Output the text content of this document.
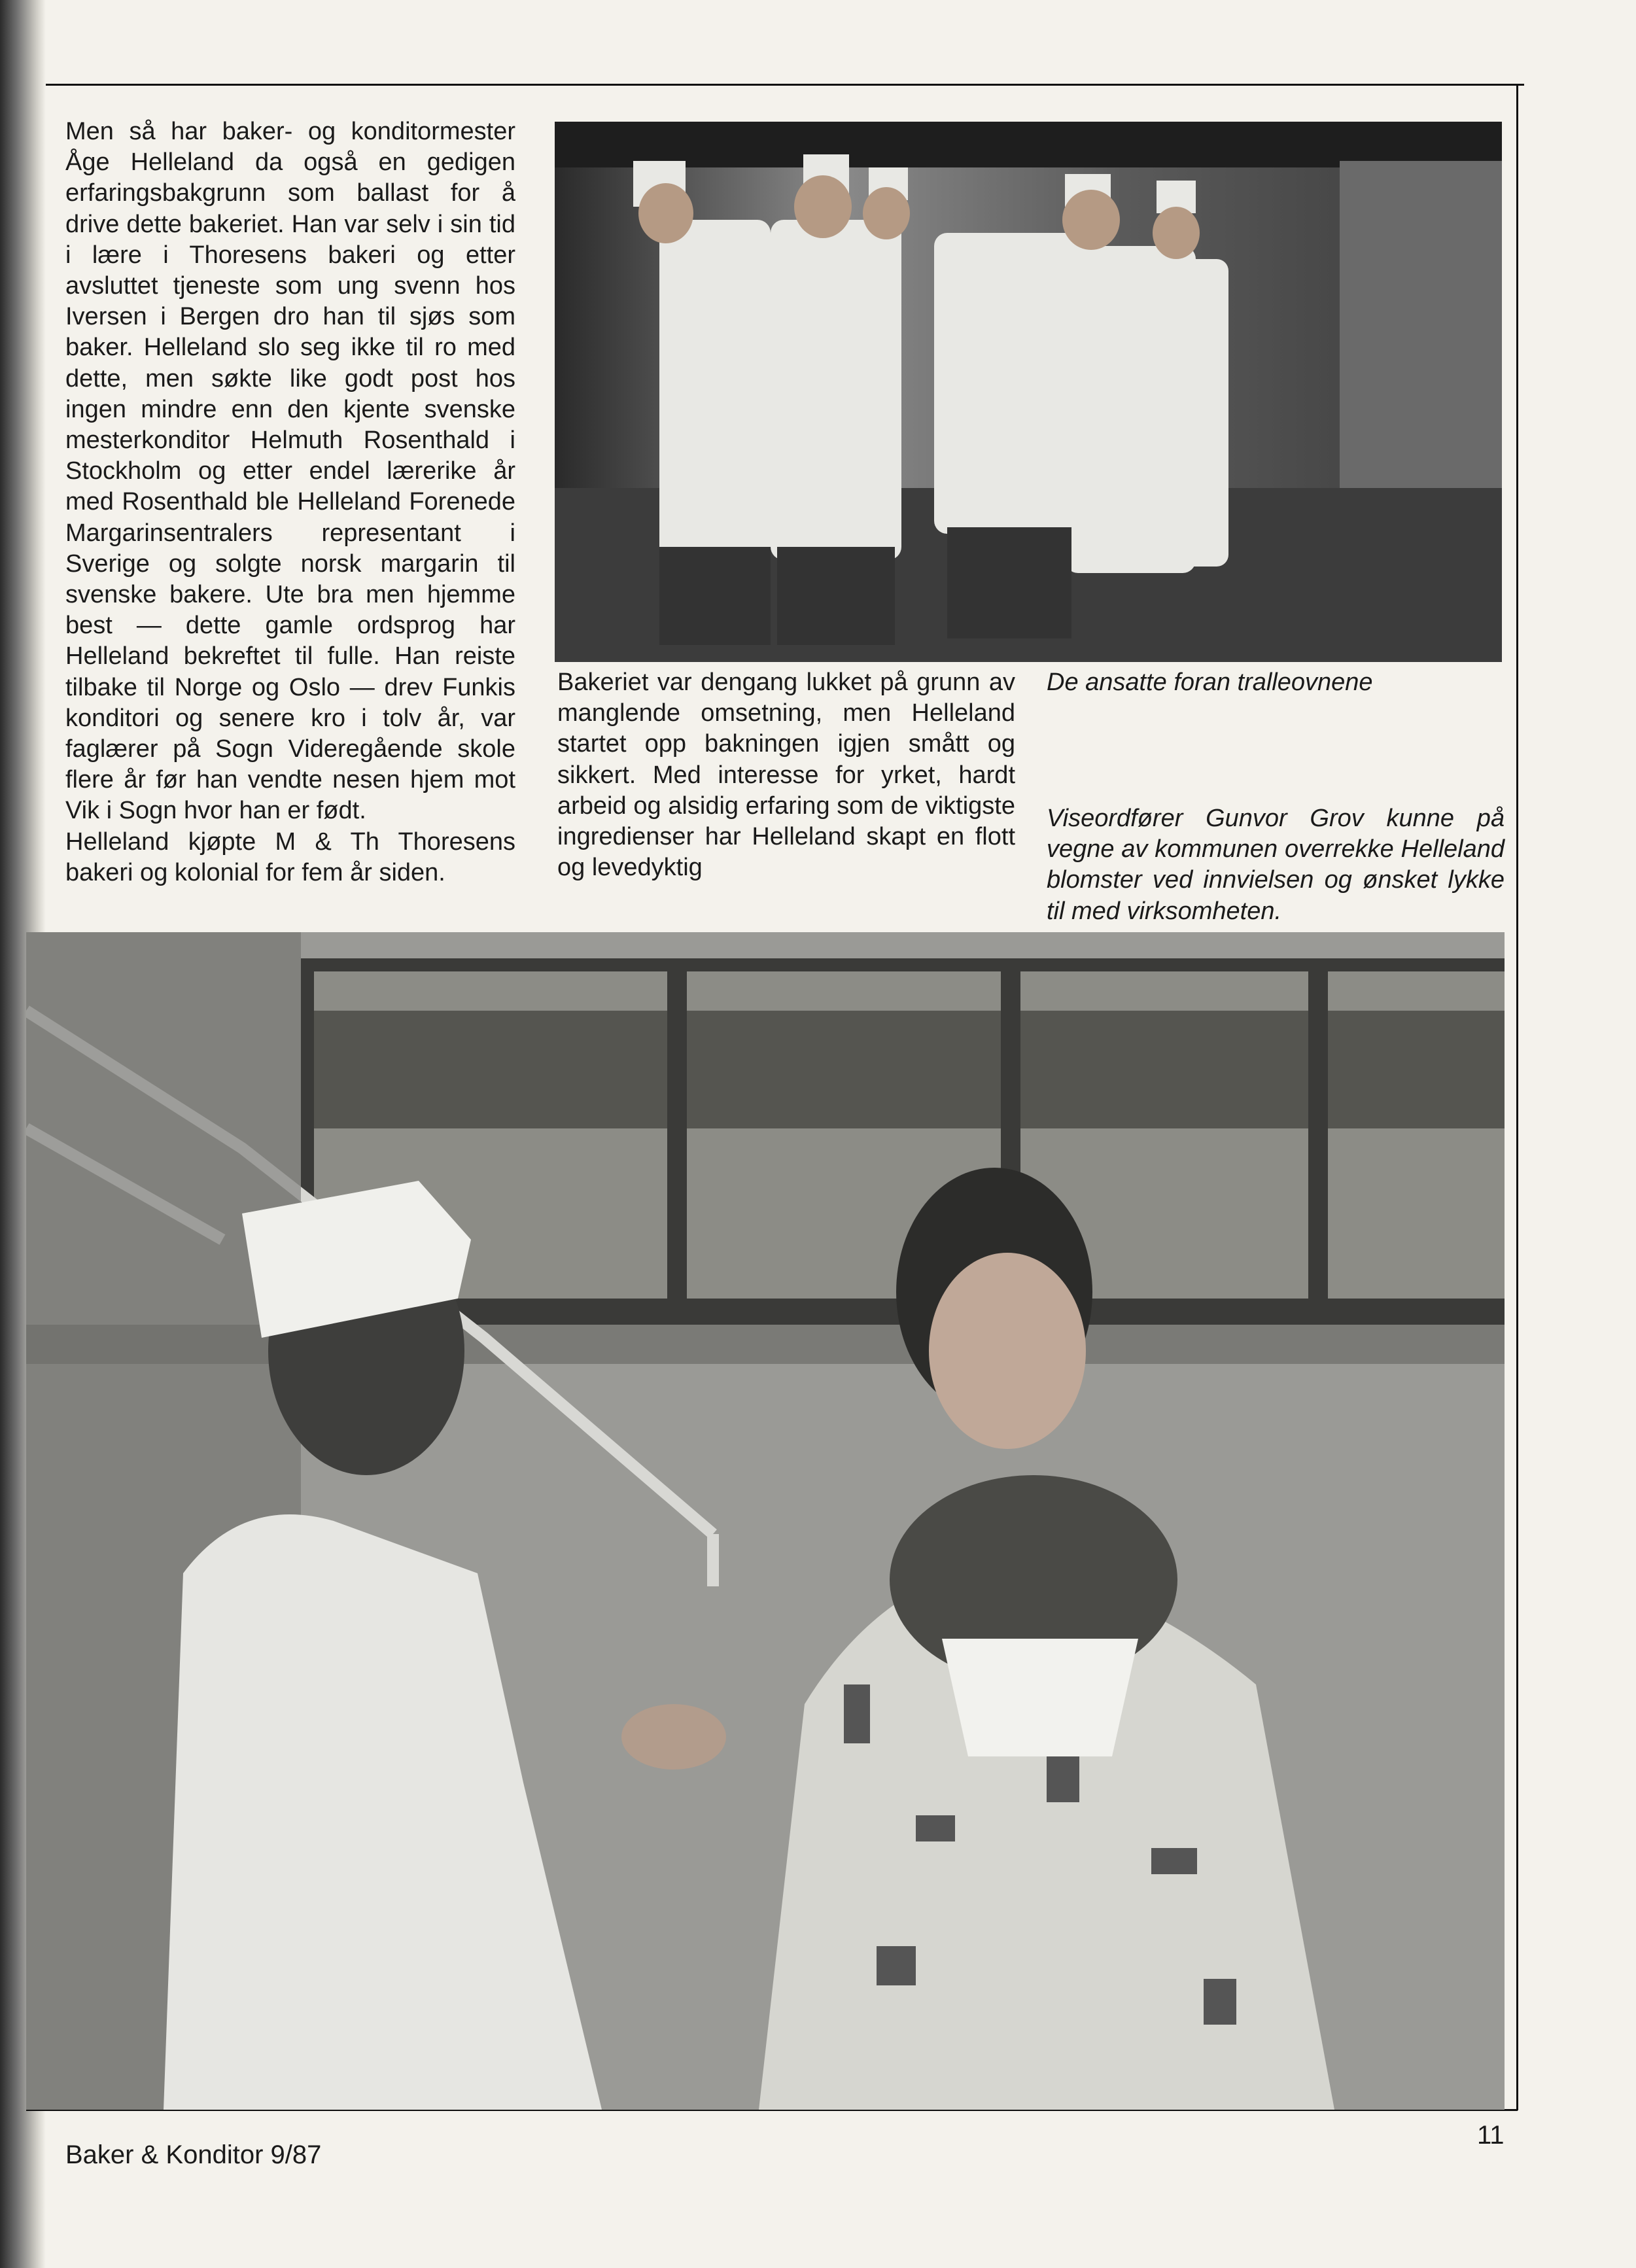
Men så har baker- og konditormester Åge Helleland da også en gedigen erfaringsbakgrunn som ballast for å drive dette bakeriet. Han var selv i sin tid i lære i Thoresens bakeri og etter avsluttet tjeneste som ung svenn hos Iversen i Bergen dro han til sjøs som baker. Helleland slo seg ikke til ro med dette, men søkte like godt post hos ingen mindre enn den kjente svenske mesterkonditor Helmuth Rosenthald i Stockholm og etter endel lærerike år med Rosenthald ble Helleland Forenede Margarinsentralers representant i Sverige og solgte norsk margarin til svenske bakere. Ute bra men hjemme best — dette gamle ordsprog har Helleland bekreftet til fulle. Han reiste tilbake til Norge og Oslo — drev Funkis konditori og senere kro i tolv år, var faglærer på Sogn Videregående skole flere år før han vendte nesen hjem mot Vik i Sogn hvor han er født.

Helleland kjøpte M & Th Thoresens bakeri og kolonial for fem år siden.

Bakeriet var dengang lukket på grunn av manglende omsetning, men Helleland startet opp bakningen igjen smått og sikkert. Med interesse for yrket, hardt arbeid og alsidig erfaring som de viktigste ingredienser har Helleland skapt en flott og levedyktig

De ansatte foran tralleovnene
Viseordfører Gunvor Grov kunne på vegne av kommunen overrekke Helleland blomster ved innvielsen og ønsket lykke til med virksomheten.
Baker & Konditor 9/87
11
